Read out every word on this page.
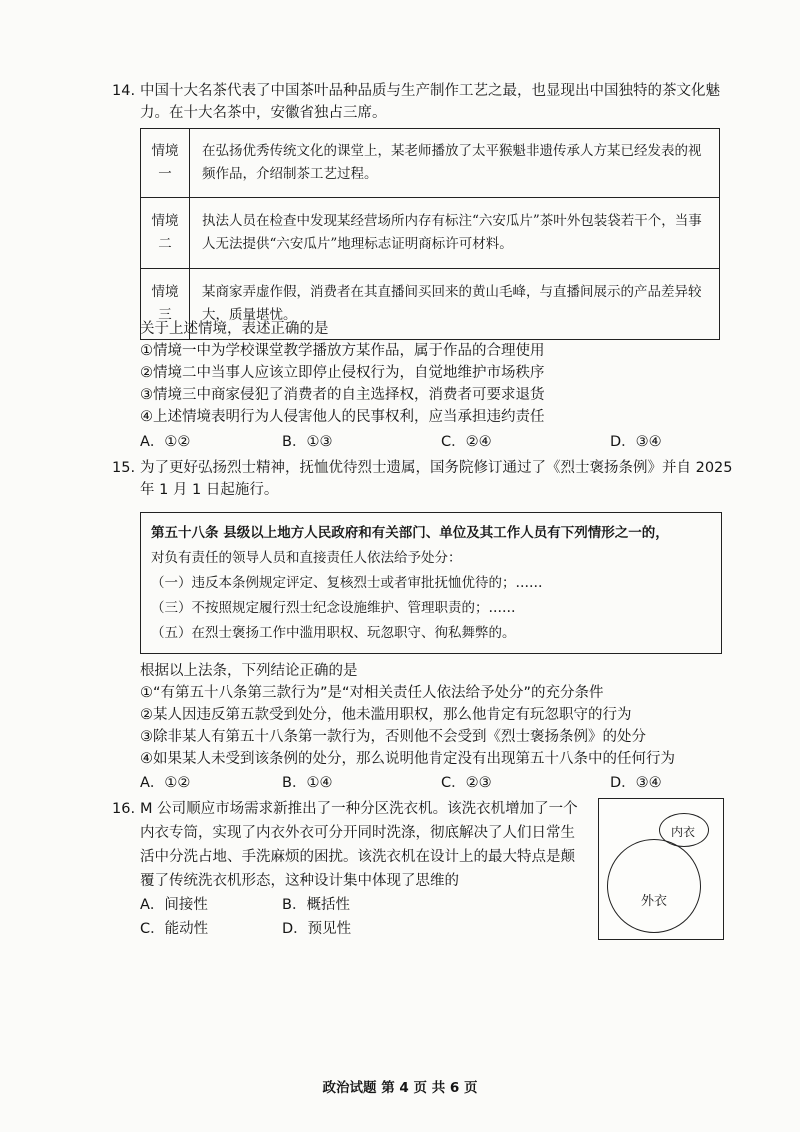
14. 中国十大名茶代表了中国茶叶品种品质与生产制作工艺之最，也显现出中国独特的茶文化魅
力。在十大名茶中，安徽省独占三席。
情境
一	在弘扬优秀传统文化的课堂上，某老师播放了太平猴魁非遗传承人方某已经发表的视频作品，介绍制茶工艺过程。

情境
二	执法人员在检查中发现某经营场所内存有标注“六安瓜片”茶叶外包装袋若干个，当事人无法提供“六安瓜片”地理标志证明商标许可材料。

情境
三	某商家弄虚作假，消费者在其直播间买回来的黄山毛峰，与直播间展示的产品差异较大，质量堪忧。
关于上述情境，表述正确的是
①情境一中为学校课堂教学播放方某作品，属于作品的合理使用
②情境二中当事人应该立即停止侵权行为，自觉地维护市场秩序
③情境三中商家侵犯了消费者的自主选择权，消费者可要求退货
④上述情境表明行为人侵害他人的民事权利，应当承担违约责任
A．①②	B．①③	C．②④	D．③④
15. 为了更好弘扬烈士精神，抚恤优待烈士遗属，国务院修订通过了《烈士褒扬条例》并自 2025
年 1 月 1 日起施行。
第五十八条 县级以上地方人民政府和有关部门、单位及其工作人员有下列情形之一的，
对负有责任的领导人员和直接责任人依法给予处分：
（一）违反本条例规定评定、复核烈士或者审批抚恤优待的；……
（三）不按照规定履行烈士纪念设施维护、管理职责的；……
（五）在烈士褒扬工作中滥用职权、玩忽职守、徇私舞弊的。
根据以上法条，下列结论正确的是
①“有第五十八条第三款行为”是“对相关责任人依法给予处分”的充分条件
②某人因违反第五款受到处分，他未滥用职权，那么他肯定有玩忽职守的行为
③除非某人有第五十八条第一款行为，否则他不会受到《烈士褒扬条例》的处分
④如果某人未受到该条例的处分，那么说明他肯定没有出现第五十八条中的任何行为
A．①②	B．①④	C．②③	D．③④
16. M 公司顺应市场需求新推出了一种分区洗衣机。该洗衣机增加了一个
内衣专筒，实现了内衣外衣可分开同时洗涤，彻底解决了人们日常生
活中分洗占地、手洗麻烦的困扰。该洗衣机在设计上的最大特点是颠
覆了传统洗衣机形态，这种设计集中体现了思维的
A．间接性	B．概括性
C．能动性	D．预见性
内衣
外衣
政治试题 第 4 页 共 6 页
